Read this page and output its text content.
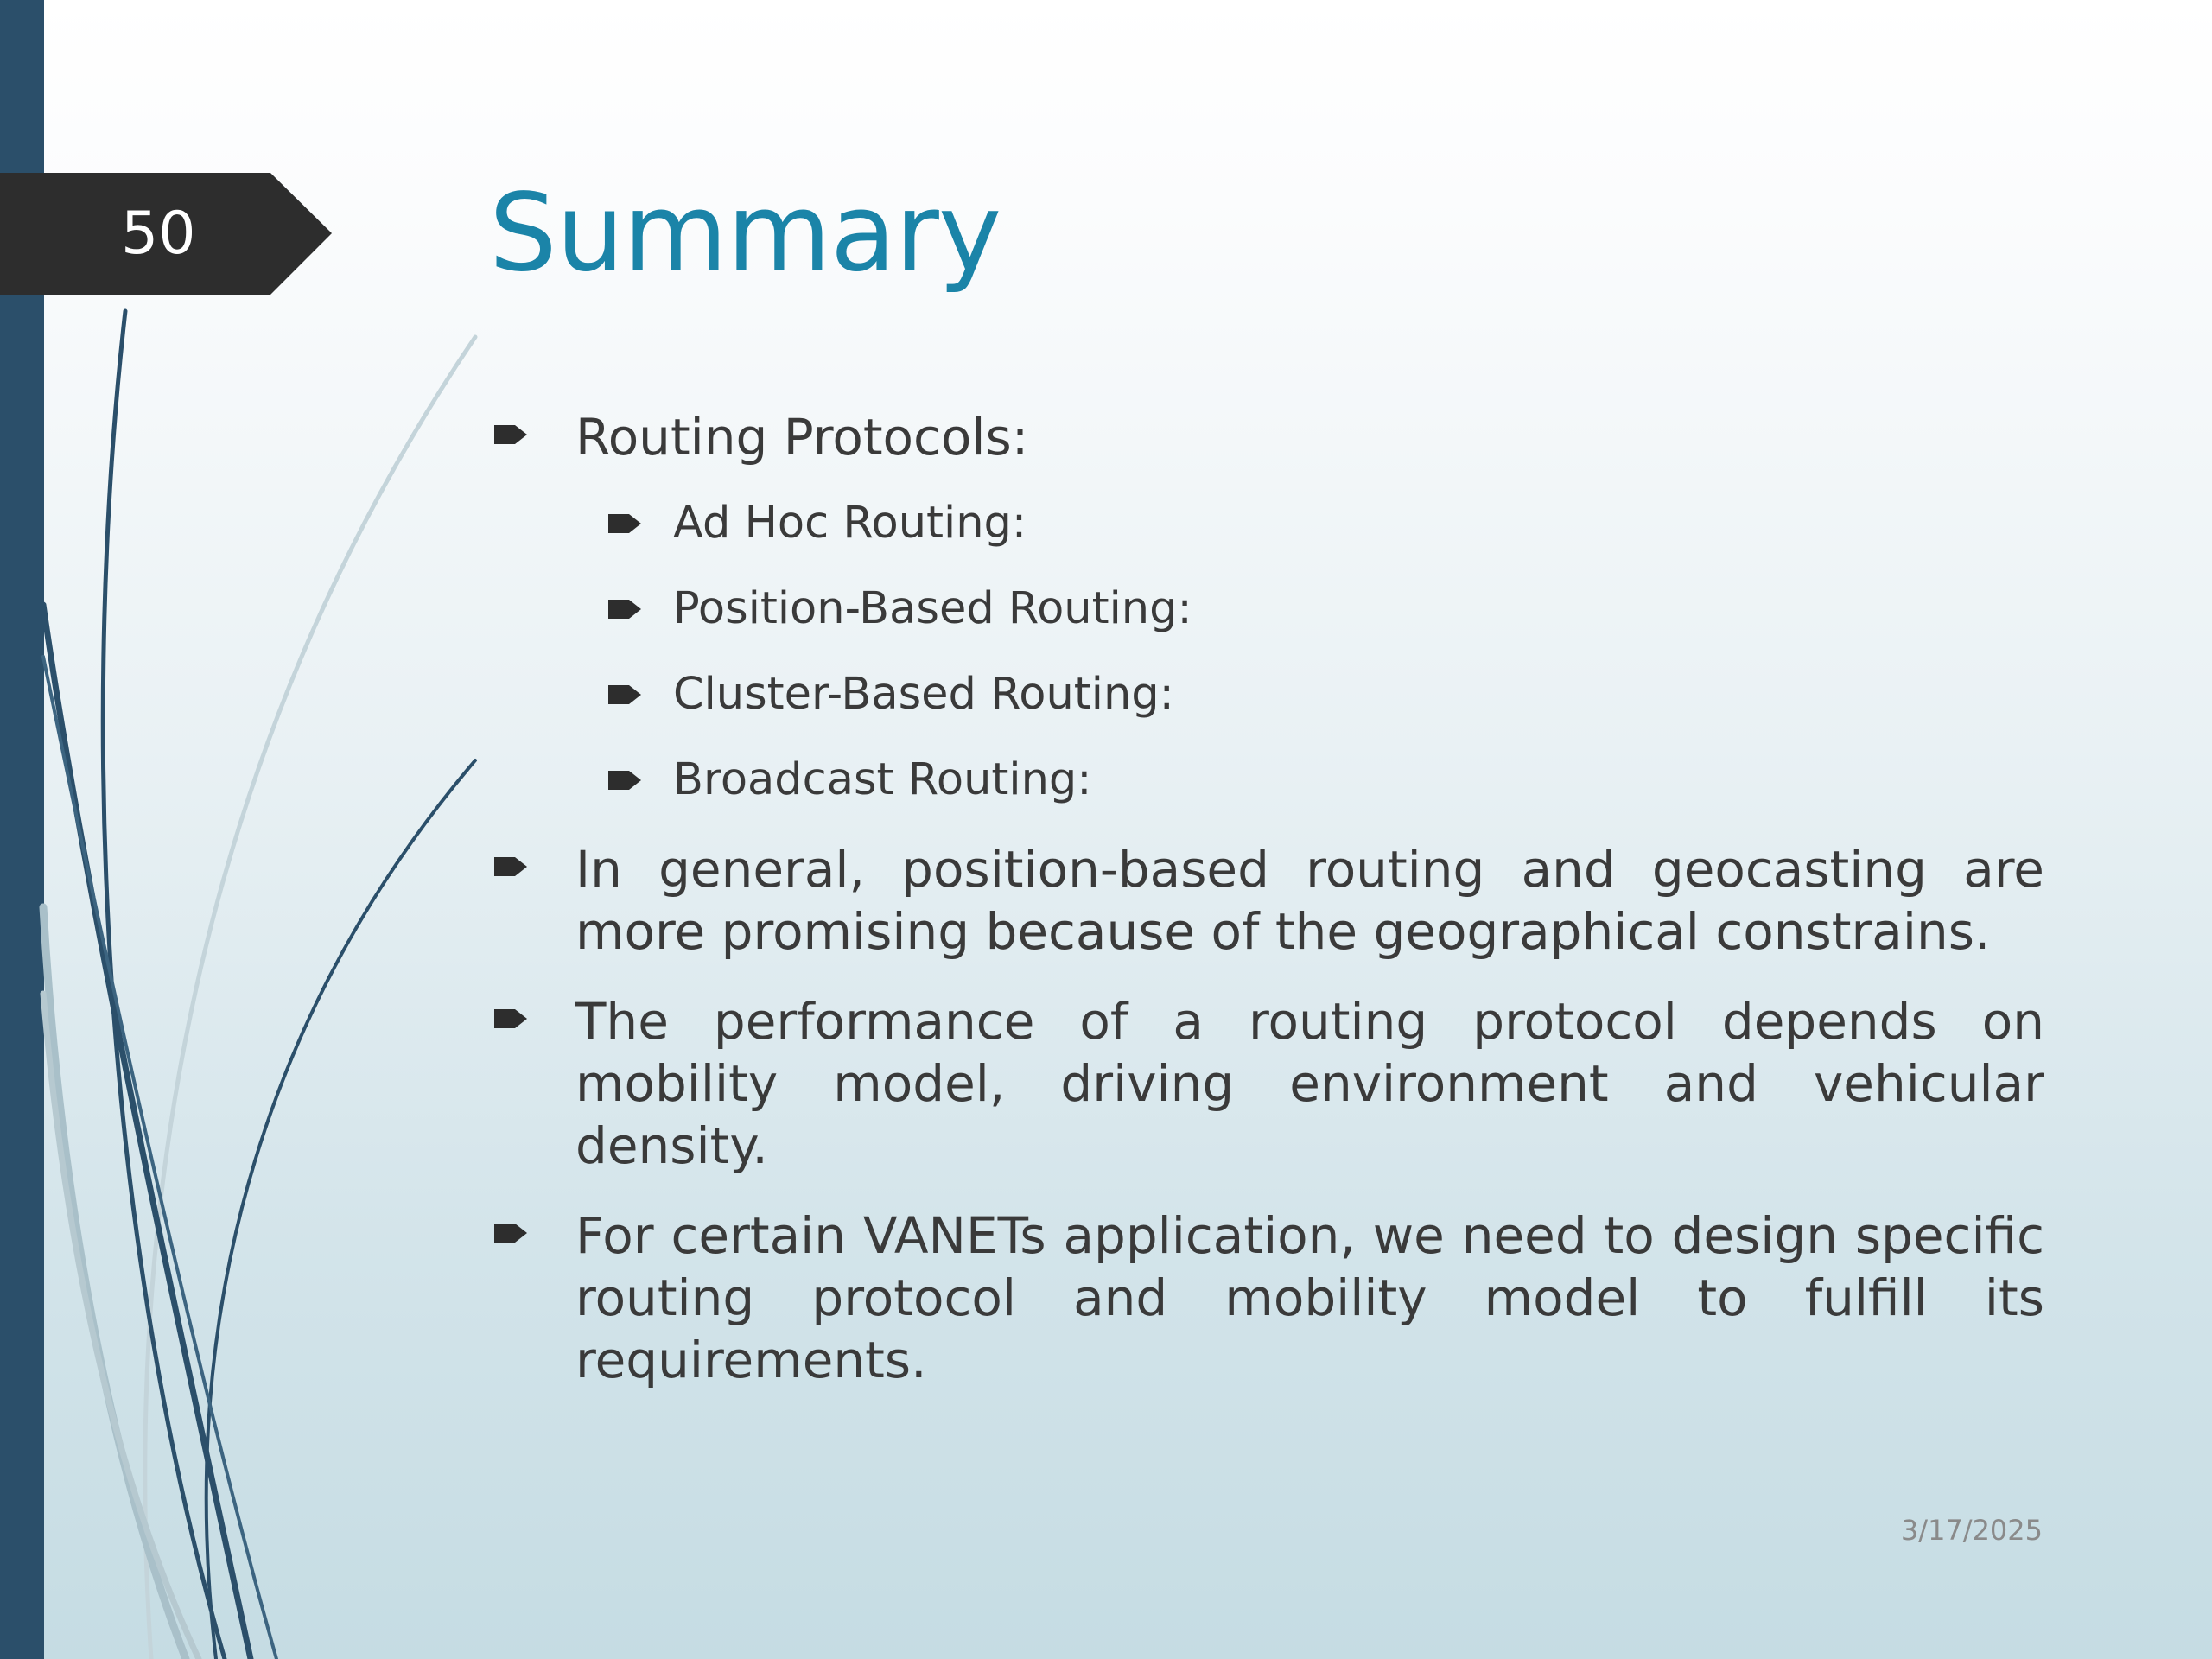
50	Summary
Routing Protocols:
Ad Hoc Routing:
Position-Based Routing:
Cluster-Based Routing:
Broadcast Routing:
In general, position-based routing and geocasting are more promising because of the geographical constrains.
The performance of a routing protocol depends on mobility model, driving environment and vehicular density.
For certain VANETs application, we need to design specific routing protocol and mobility model to fulfill its requirements.
3/17/2025
